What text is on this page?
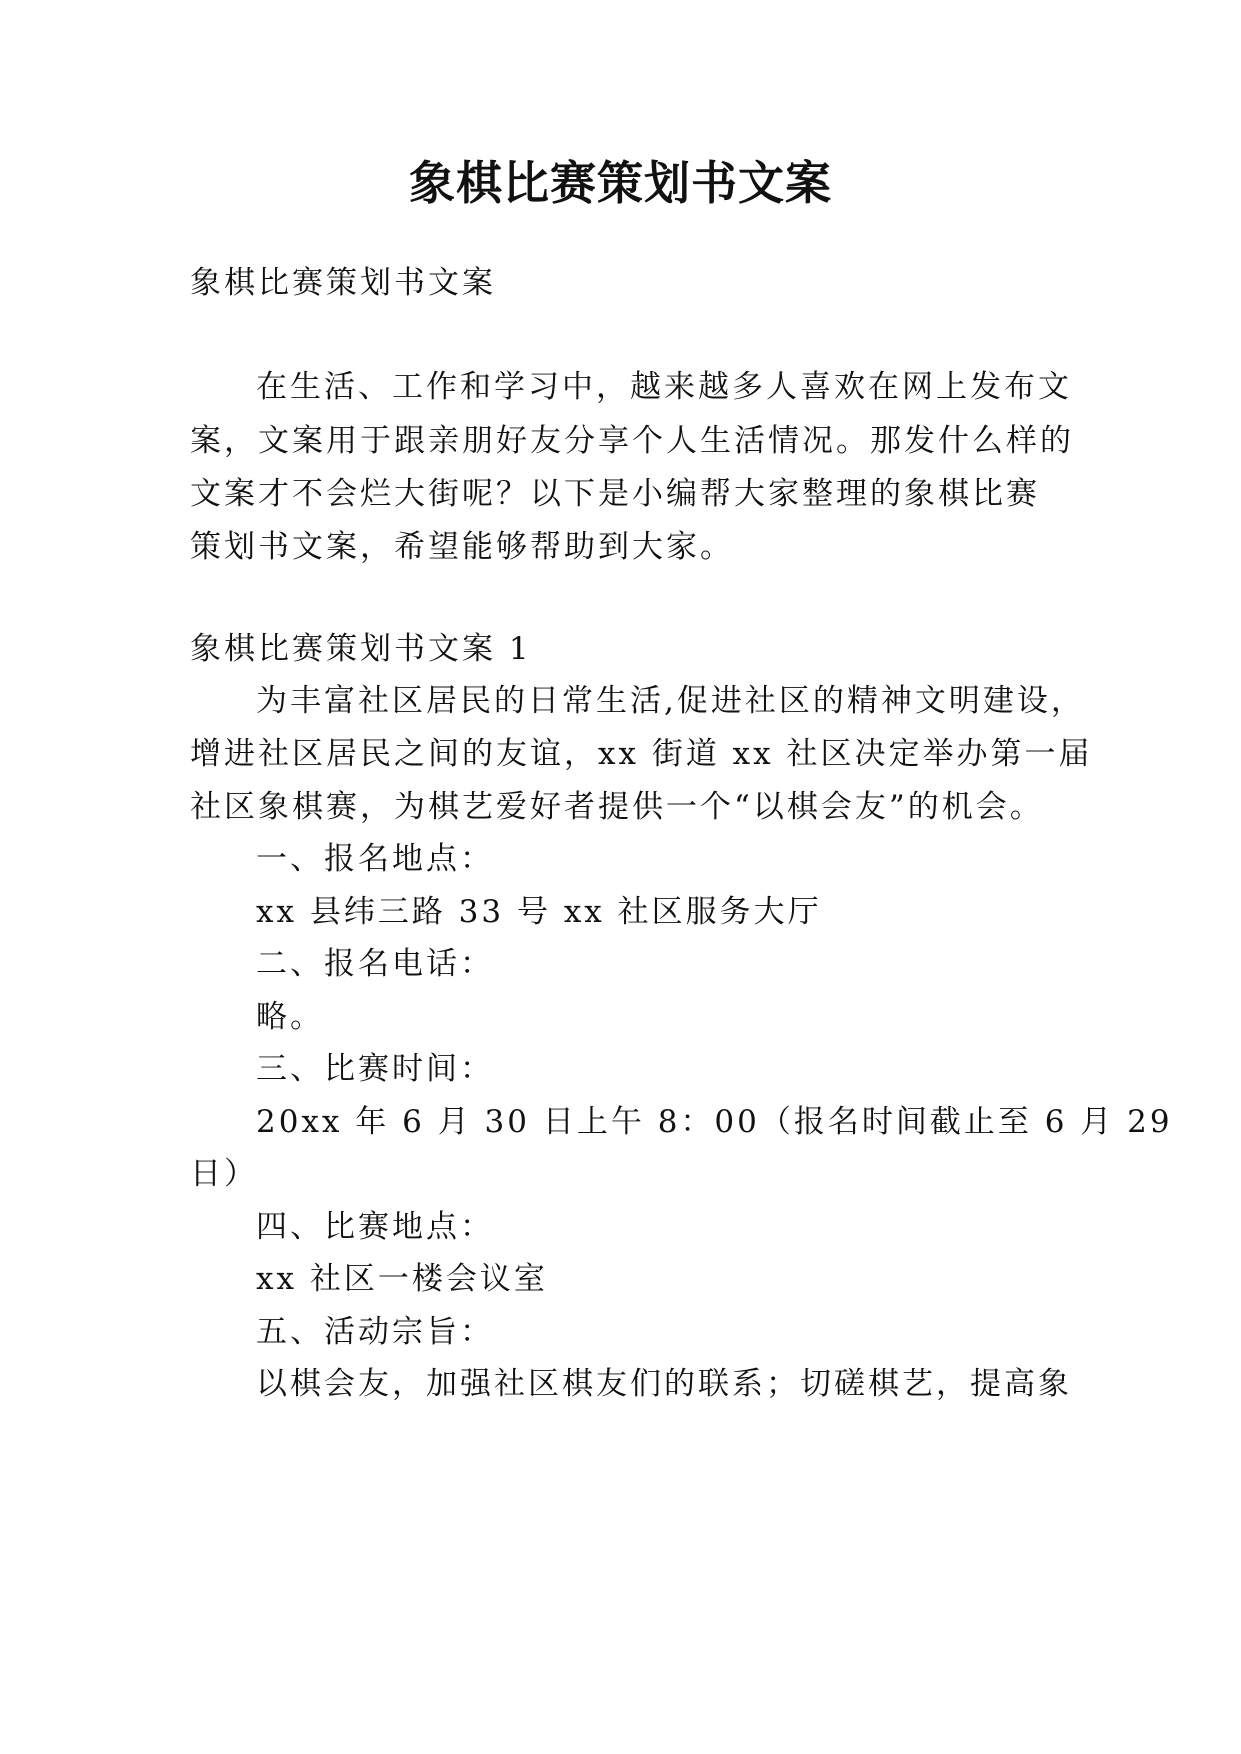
象棋比赛策划书文案
象棋比赛策划书文案
在生活、工作和学习中，越来越多人喜欢在网上发布文
案，文案用于跟亲朋好友分享个人生活情况。那发什么样的
文案才不会烂大街呢？以下是小编帮大家整理的象棋比赛
策划书文案，希望能够帮助到大家。
象棋比赛策划书文案 1
为丰富社区居民的日常生活,促进社区的精神文明建设，
增进社区居民之间的友谊，xx 街道 xx 社区决定举办第一届
社区象棋赛，为棋艺爱好者提供一个“以棋会友”的机会。
一、报名地点：
xx 县纬三路 33 号 xx 社区服务大厅
二、报名电话：
略。
三、比赛时间：
20xx 年 6 月 30 日上午 8：00（报名时间截止至 6 月 29
日）
四、比赛地点：
xx 社区一楼会议室
五、活动宗旨：
以棋会友，加强社区棋友们的联系；切磋棋艺，提高象
